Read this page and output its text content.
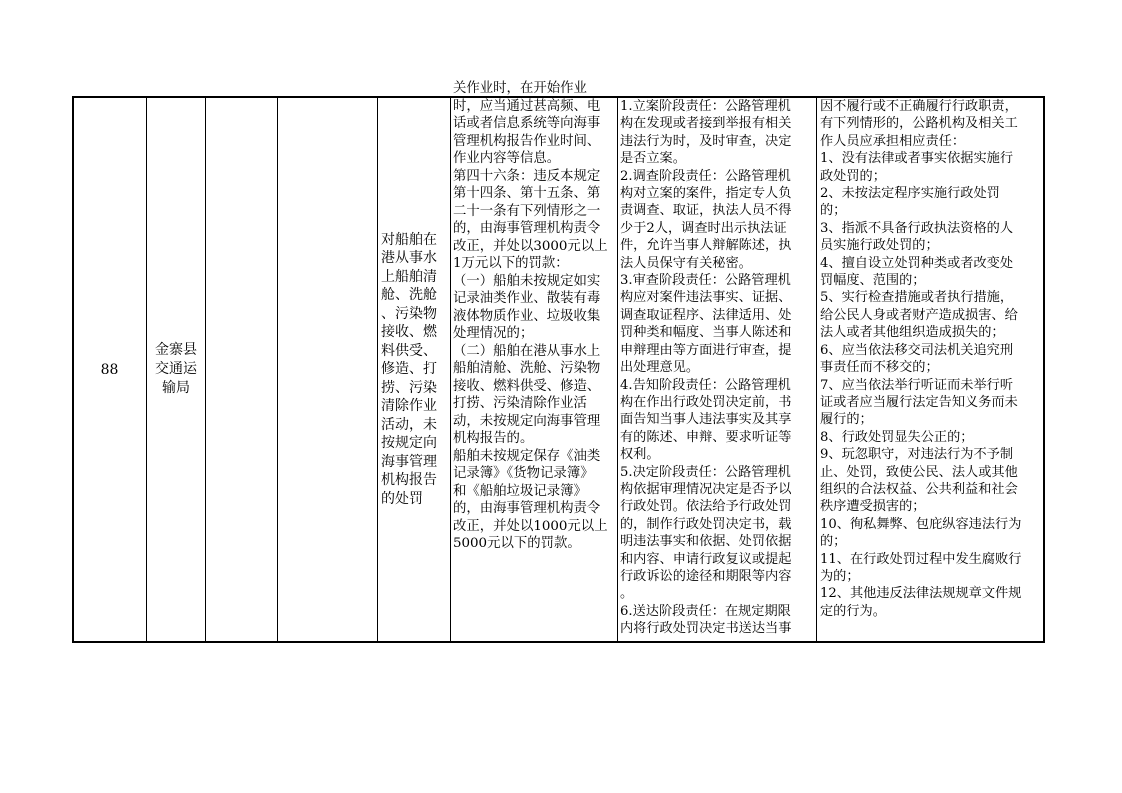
88
金寨县
交通运
输局
对船舶在
港从事水
上船舶清
舱、洗舱
、污染物
接收、燃
料供受、
修造、打
捞、污染
清除作业
活动，未
按规定向
海事管理
机构报告
的处罚
关作业时，在开始作业
时，应当通过甚高频、电
话或者信息系统等向海事
管理机构报告作业时间、
作业内容等信息。
第四十六条：违反本规定
第十四条、第十五条、第
二十一条有下列情形之一
的，由海事管理机构责令
改正，并处以3000元以上
1万元以下的罚款：
（一）船舶未按规定如实
记录油类作业、散装有毒
液体物质作业、垃圾收集
处理情况的；
（二）船舶在港从事水上
船舶清舱、洗舱、污染物
接收、燃料供受、修造、
打捞、污染清除作业活
动，未按规定向海事管理
机构报告的。
船舶未按规定保存《油类
记录簿》《货物记录簿》
和《船舶垃圾记录簿》
的，由海事管理机构责令
改正，并处以1000元以上
5000元以下的罚款。
1.立案阶段责任：公路管理机
构在发现或者接到举报有相关
违法行为时，及时审查，决定
是否立案。
2.调查阶段责任：公路管理机
构对立案的案件，指定专人负
责调查、取证，执法人员不得
少于2人，调查时出示执法证
件，允许当事人辩解陈述，执
法人员保守有关秘密。
3.审查阶段责任：公路管理机
构应对案件违法事实、证据、
调查取证程序、法律适用、处
罚种类和幅度、当事人陈述和
申辩理由等方面进行审查，提
出处理意见。
4.告知阶段责任：公路管理机
构在作出行政处罚决定前，书
面告知当事人违法事实及其享
有的陈述、申辩、要求听证等
权利。
5.决定阶段责任：公路管理机
构依据审理情况决定是否予以
行政处罚。依法给予行政处罚
的，制作行政处罚决定书，载
明违法事实和依据、处罚依据
和内容、申请行政复议或提起
行政诉讼的途径和期限等内容
。
6.送达阶段责任：在规定期限
内将行政处罚决定书送达当事
因不履行或不正确履行行政职责，
有下列情形的，公路机构及相关工
作人员应承担相应责任：
1、没有法律或者事实依据实施行
政处罚的；
2、未按法定程序实施行政处罚
的；
3、指派不具备行政执法资格的人
员实施行政处罚的；
4、擅自设立处罚种类或者改变处
罚幅度、范围的；
5、实行检查措施或者执行措施，
给公民人身或者财产造成损害、给
法人或者其他组织造成损失的；
6、应当依法移交司法机关追究刑
事责任而不移交的；
7、应当依法举行听证而未举行听
证或者应当履行法定告知义务而未
履行的；
8、行政处罚显失公正的；
9、玩忽职守，对违法行为不予制
止、处罚，致使公民、法人或其他
组织的合法权益、公共利益和社会
秩序遭受损害的；
10、徇私舞弊、包庇纵容违法行为
的；
11、在行政处罚过程中发生腐败行
为的；
12、其他违反法律法规规章文件规
定的行为。
